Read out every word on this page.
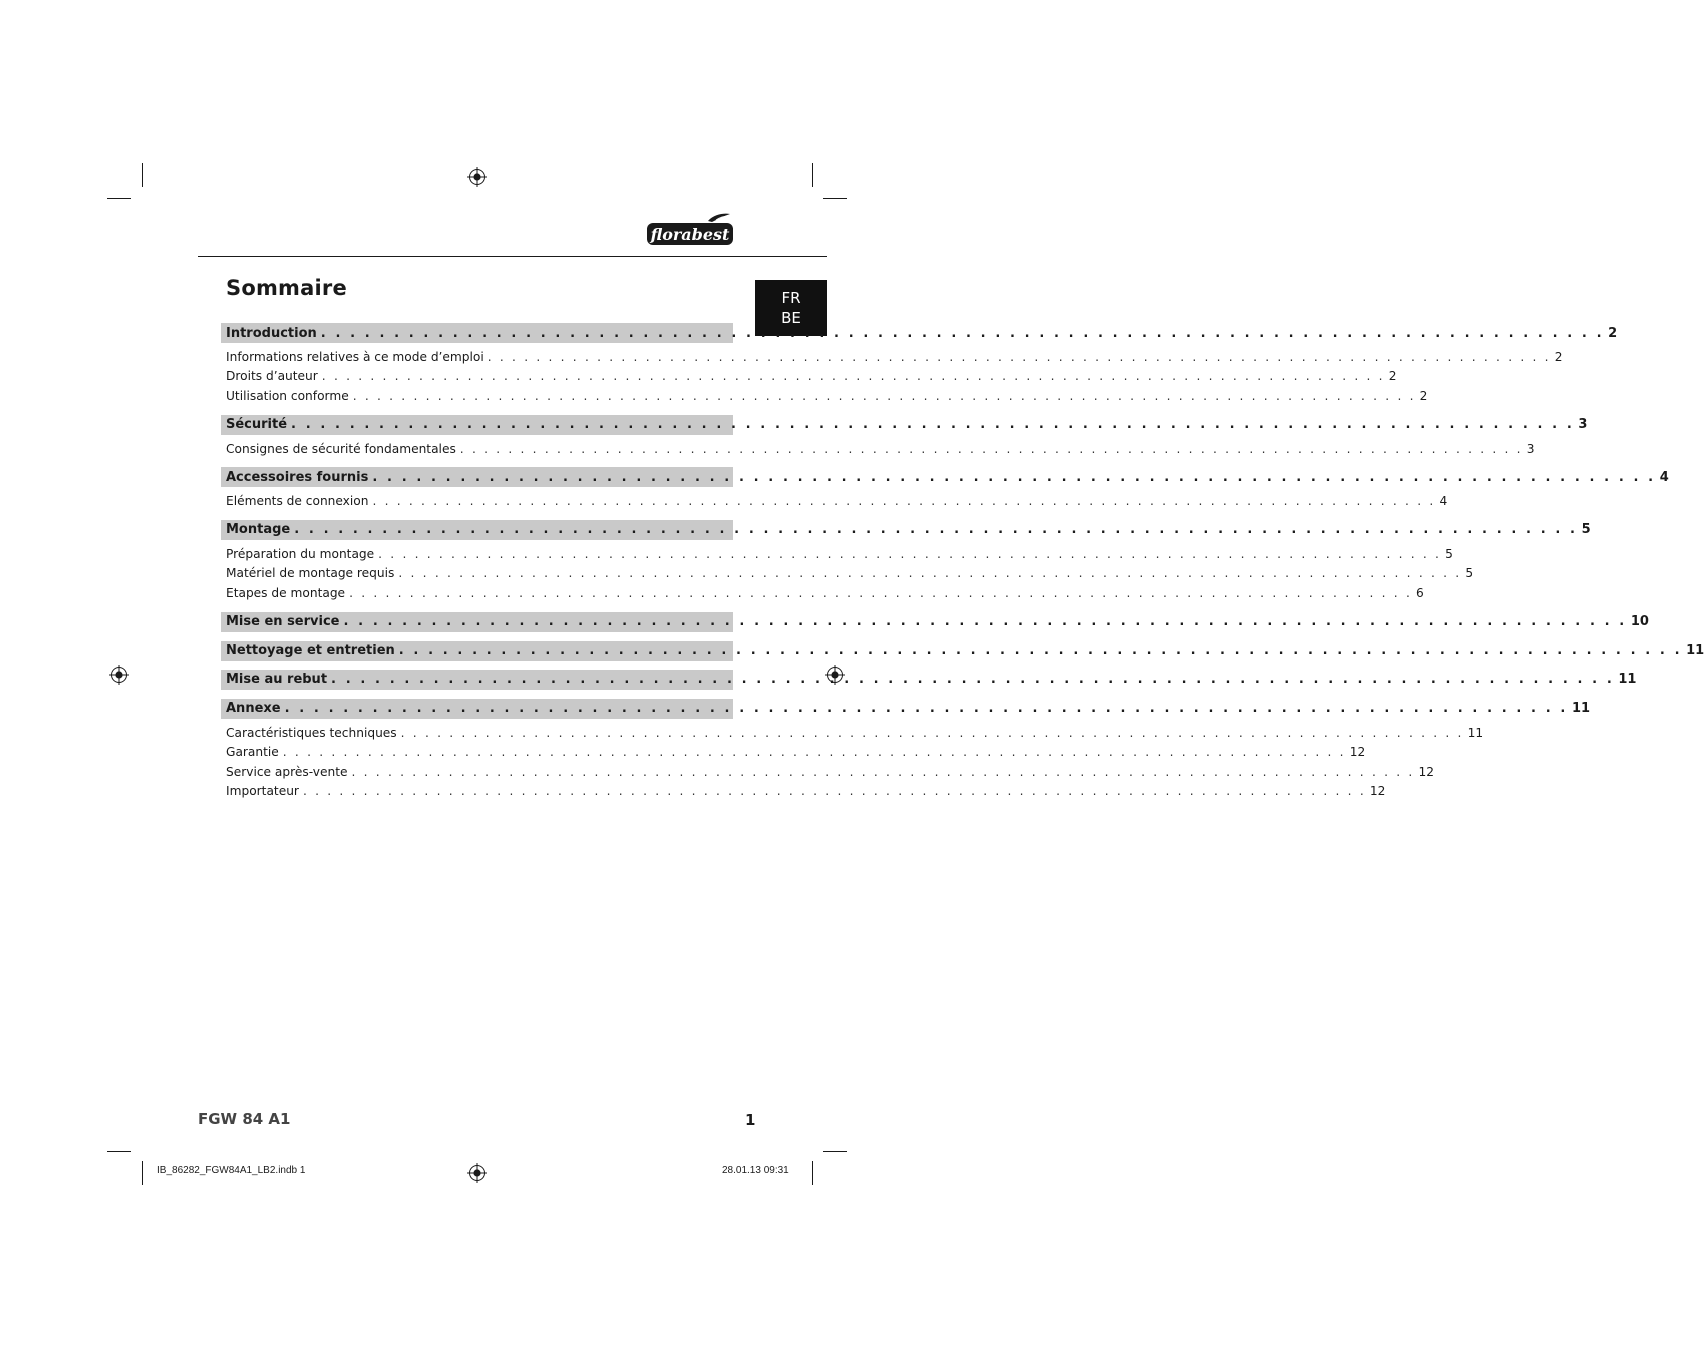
florabest
FR
BE
Sommaire
Introduction . . . . . . . . . . . . . . . . . . . . . . . . . . . . . . . . . . . . . . . . . . . . . . . . . . . . . . . . . . . . . . . . . . . . . . . . . . . . . . . . . . . . . . . . 2
Informations relatives à ce mode d’emploi . . . . . . . . . . . . . . . . . . . . . . . . . . . . . . . . . . . . . . . . . . . . . . . . . . . . . . . . . . . . . . . . . . . . . . . . . . . . . . . . . . . . . . . . 2
Droits d’auteur . . . . . . . . . . . . . . . . . . . . . . . . . . . . . . . . . . . . . . . . . . . . . . . . . . . . . . . . . . . . . . . . . . . . . . . . . . . . . . . . . . . . . . . . 2
Utilisation conforme . . . . . . . . . . . . . . . . . . . . . . . . . . . . . . . . . . . . . . . . . . . . . . . . . . . . . . . . . . . . . . . . . . . . . . . . . . . . . . . . . . . . . . . . 2
Sécurité . . . . . . . . . . . . . . . . . . . . . . . . . . . . . . . . . . . . . . . . . . . . . . . . . . . . . . . . . . . . . . . . . . . . . . . . . . . . . . . . . . . . . . . . 3
Consignes de sécurité fondamentales . . . . . . . . . . . . . . . . . . . . . . . . . . . . . . . . . . . . . . . . . . . . . . . . . . . . . . . . . . . . . . . . . . . . . . . . . . . . . . . . . . . . . . . . 3
Accessoires fournis . . . . . . . . . . . . . . . . . . . . . . . . . . . . . . . . . . . . . . . . . . . . . . . . . . . . . . . . . . . . . . . . . . . . . . . . . . . . . . . . . . . . . . . . 4
Eléments de connexion . . . . . . . . . . . . . . . . . . . . . . . . . . . . . . . . . . . . . . . . . . . . . . . . . . . . . . . . . . . . . . . . . . . . . . . . . . . . . . . . . . . . . . . . 4
Montage . . . . . . . . . . . . . . . . . . . . . . . . . . . . . . . . . . . . . . . . . . . . . . . . . . . . . . . . . . . . . . . . . . . . . . . . . . . . . . . . . . . . . . . . 5
Préparation du montage . . . . . . . . . . . . . . . . . . . . . . . . . . . . . . . . . . . . . . . . . . . . . . . . . . . . . . . . . . . . . . . . . . . . . . . . . . . . . . . . . . . . . . . . 5
Matériel de montage requis . . . . . . . . . . . . . . . . . . . . . . . . . . . . . . . . . . . . . . . . . . . . . . . . . . . . . . . . . . . . . . . . . . . . . . . . . . . . . . . . . . . . . . . . 5
Etapes de montage . . . . . . . . . . . . . . . . . . . . . . . . . . . . . . . . . . . . . . . . . . . . . . . . . . . . . . . . . . . . . . . . . . . . . . . . . . . . . . . . . . . . . . . . 6
Mise en service . . . . . . . . . . . . . . . . . . . . . . . . . . . . . . . . . . . . . . . . . . . . . . . . . . . . . . . . . . . . . . . . . . . . . . . . . . . . . . . . . . . . . . . . 10
Nettoyage et entretien . . . . . . . . . . . . . . . . . . . . . . . . . . . . . . . . . . . . . . . . . . . . . . . . . . . . . . . . . . . . . . . . . . . . . . . . . . . . . . . . . . . . . . . . 11
Mise au rebut . . . . . . . . . . . . . . . . . . . . . . . . . . . . . . . . . . . . . . . . . . . . . . . . . . . . . . . . . . . . . . . . . . . . . . . . . . . . . . . . . . . . . . . . 11
Annexe . . . . . . . . . . . . . . . . . . . . . . . . . . . . . . . . . . . . . . . . . . . . . . . . . . . . . . . . . . . . . . . . . . . . . . . . . . . . . . . . . . . . . . . . 11
Caractéristiques techniques . . . . . . . . . . . . . . . . . . . . . . . . . . . . . . . . . . . . . . . . . . . . . . . . . . . . . . . . . . . . . . . . . . . . . . . . . . . . . . . . . . . . . . . . 11
Garantie . . . . . . . . . . . . . . . . . . . . . . . . . . . . . . . . . . . . . . . . . . . . . . . . . . . . . . . . . . . . . . . . . . . . . . . . . . . . . . . . . . . . . . . . 12
Service après-vente . . . . . . . . . . . . . . . . . . . . . . . . . . . . . . . . . . . . . . . . . . . . . . . . . . . . . . . . . . . . . . . . . . . . . . . . . . . . . . . . . . . . . . . . 12
Importateur . . . . . . . . . . . . . . . . . . . . . . . . . . . . . . . . . . . . . . . . . . . . . . . . . . . . . . . . . . . . . . . . . . . . . . . . . . . . . . . . . . . . . . . . 12
FGW 84 A1	1
IB_86282_FGW84A1_LB2.indb 1	28.01.13 09:31
